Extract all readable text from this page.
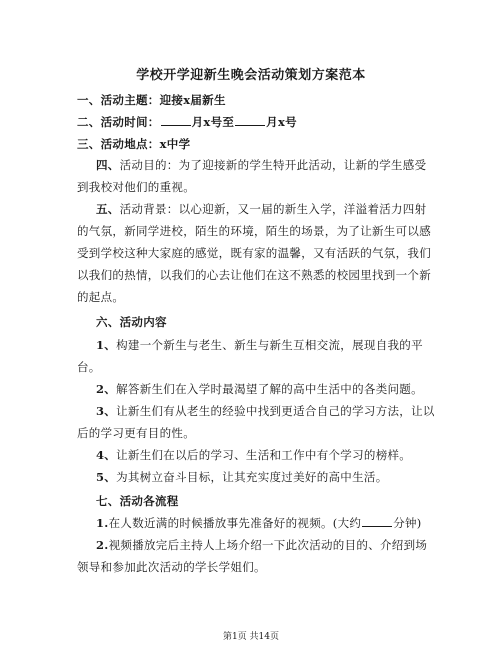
学校开学迎新生晚会活动策划方案范本
一、活动主题：迎接x届新生
二、活动时间：	月x号至	月x号
三、活动地点：x中学
四、活动目的：为了迎接新的学生特开此活动，让新的学生感受
到我校对他们的重视。
五、活动背景：以心迎新，又一届的新生入学，洋溢着活力四射
的气氛，新同学进校，陌生的环境，陌生的场景，为了让新生可以感
受到学校这种大家庭的感觉，既有家的温馨，又有活跃的气氛，我们
以我们的热情，以我们的心去让他们在这不熟悉的校园里找到一个新
的起点。
六、活动内容
1、构建一个新生与老生、新生与新生互相交流，展现自我的平
台。
2、解答新生们在入学时最渴望了解的高中生活中的各类问题。
3、让新生们有从老生的经验中找到更适合自己的学习方法，让以
后的学习更有目的性。
4、让新生们在以后的学习、生活和工作中有个学习的榜样。
5、为其树立奋斗目标，让其充实度过美好的高中生活。
七、活动各流程
1.在人数近满的时候播放事先准备好的视频。(大约	分钟)
2.视频播放完后主持人上场介绍一下此次活动的目的、介绍到场
领导和参加此次活动的学长学姐们。
第1页 共14页
